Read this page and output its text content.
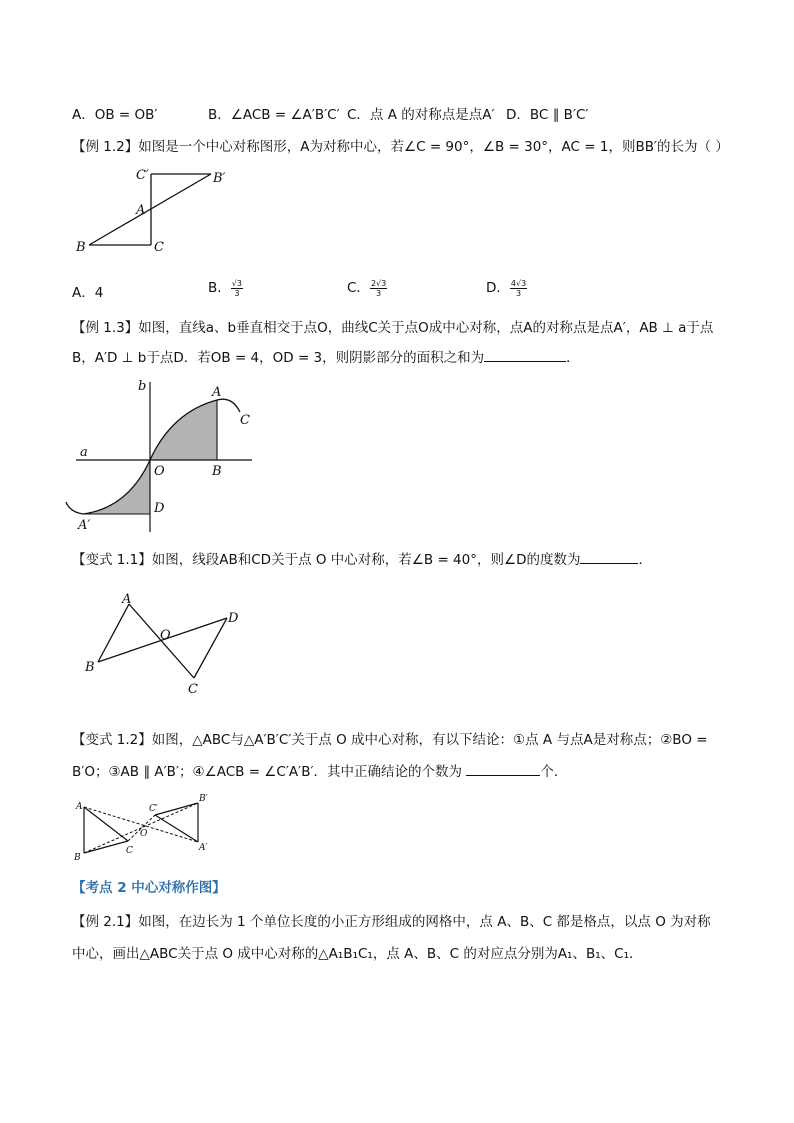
A．OB = OB′	B．∠ACB = ∠A′B′C′ C．点 A 的对称点是点A′ D．BC ∥ B′C′
【例 1.2】如图是一个中心对称图形，A为对称中心，若∠C = 90°，∠B = 30°，AC = 1，则BB′的长为（ ）
C′	B′
A
B	C
A．4	B． $\frac{√3}{3}$	C． $\frac{2√3}{3}$	D． $\frac{4√3}{3}$
【例 1.3】如图，直线a、b垂直相交于点O，曲线C关于点O成中心对称，点A的对称点是点A′，AB ⊥ a于点
B，A′D ⊥ b于点D．若OB = 4，OD = 3，则阴影部分的面积之和为	．
b
a
A
C
O	B
D
A′
【变式 1.1】如图，线段AB和CD关于点 O 中心对称，若∠B = 40°，则∠D的度数为	．
A
O
D
B
C
【变式 1.2】如图，△ABC与△A′B′C′关于点 O 成中心对称，有以下结论：①点 A 与点A是对称点；②BO =
B′O；③AB ∥ A′B′；④∠ACB = ∠C′A′B′．其中正确结论的个数为	个．
A	C′
B′
O
B
C	A′
【考点 2 中心对称作图】
【例 2.1】如图，在边长为 1 个单位长度的小正方形组成的网格中，点 A、B、C 都是格点，以点 O 为对称
中心，画出△ABC关于点 O 成中心对称的△A₁B₁C₁，点 A、B、C 的对应点分别为A₁、B₁、C₁．
